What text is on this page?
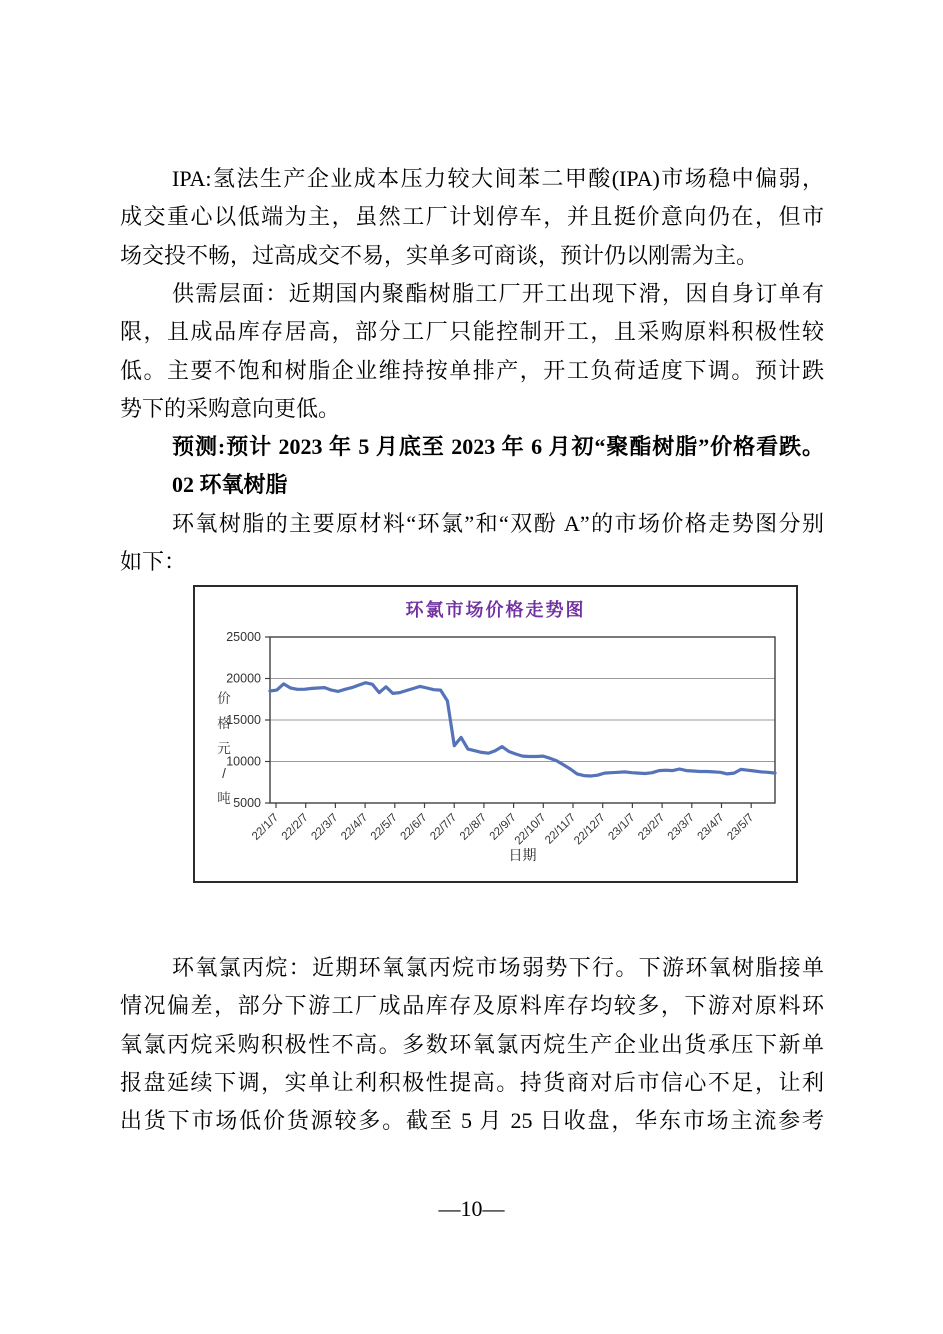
IPA:氢法生产企业成本压力较大间苯二甲酸(IPA)市场稳中偏弱，
成交重心以低端为主，虽然工厂计划停车，并且挺价意向仍在，但市
场交投不畅，过高成交不易，实单多可商谈，预计仍以刚需为主。
供需层面：近期国内聚酯树脂工厂开工出现下滑，因自身订单有
限，且成品库存居高，部分工厂只能控制开工，且采购原料积极性较
低。主要不饱和树脂企业维持按单排产，开工负荷适度下调。预计跌
势下的采购意向更低。
预测:预计 2023 年 5 月底至 2023 年 6 月初“聚酯树脂”价格看跌。
02 环氧树脂
环氧树脂的主要原材料“环氯”和“双酚 A”的市场价格走势图分别
如下：
环氯市场价格走势图
价
格
元
/
吨 5000
10000
15000
20000
25000
22/1/7
22/2/7
22/3/7
22/4/7
22/5/7
22/6/7
22/7/7
22/8/7
22/9/7
22/10/7
22/11/7
22/12/7
23/1/7
23/2/7
23/3/7
23/4/7
23/5/7
日期
环氧氯丙烷：近期环氧氯丙烷市场弱势下行。下游环氧树脂接单
情况偏差，部分下游工厂成品库存及原料库存均较多，下游对原料环
氧氯丙烷采购积极性不高。多数环氧氯丙烷生产企业出货承压下新单
报盘延续下调，实单让利积极性提高。持货商对后市信心不足，让利
出货下市场低价货源较多。截至 5 月 25 日收盘，华东市场主流参考
—10—
